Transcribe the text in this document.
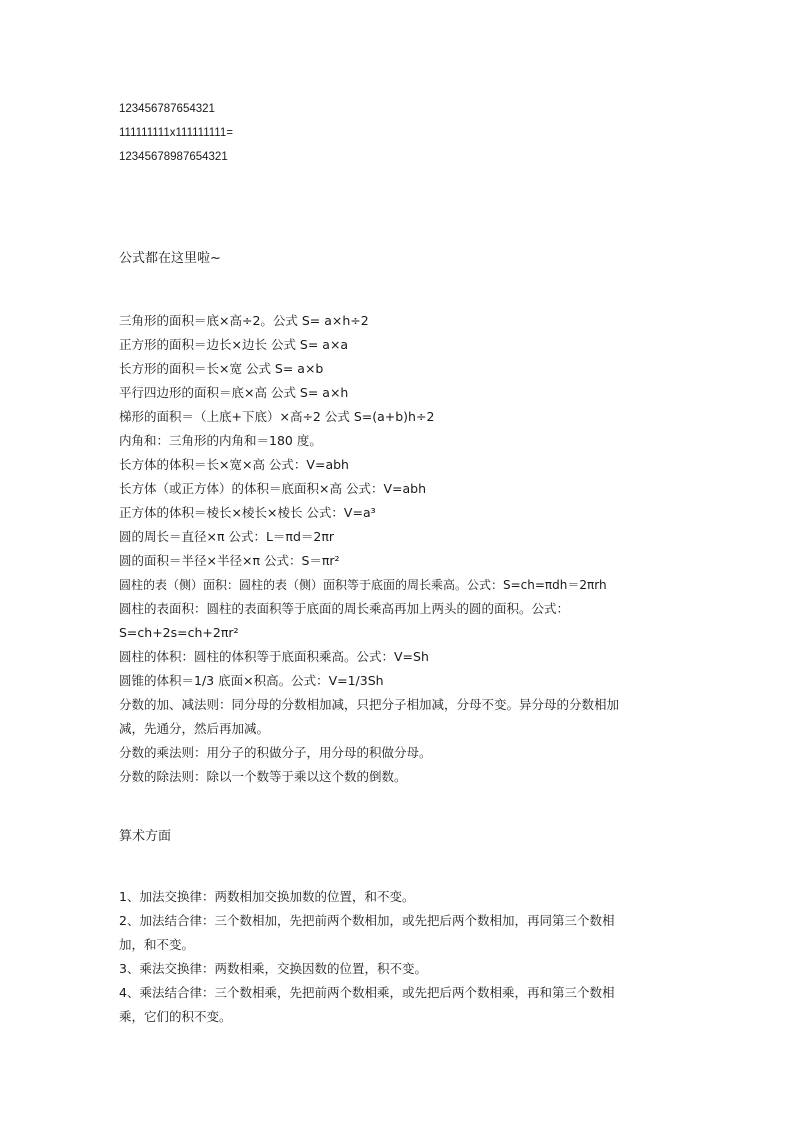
123456787654321
111111111x111111111=
12345678987654321
公式都在这里啦~
三角形的面积＝底×高÷2。公式 S= a×h÷2
正方形的面积＝边长×边长 公式 S= a×a
长方形的面积＝长×宽 公式 S= a×b
平行四边形的面积＝底×高 公式 S= a×h
梯形的面积＝（上底+下底）×高÷2 公式 S=(a+b)h÷2
内角和：三角形的内角和＝180 度。
长方体的体积＝长×宽×高 公式：V=abh
长方体（或正方体）的体积＝底面积×高 公式：V=abh
正方体的体积＝棱长×棱长×棱长 公式：V=a³
圆的周长＝直径×π 公式：L＝πd＝2πr
圆的面积＝半径×半径×π 公式：S＝πr²
圆柱的表（侧）面积：圆柱的表（侧）面积等于底面的周长乘高。公式：S=ch=πdh＝2πrh
圆柱的表面积：圆柱的表面积等于底面的周长乘高再加上两头的圆的面积。公式：
S=ch+2s=ch+2πr²
圆柱的体积：圆柱的体积等于底面积乘高。公式：V=Sh
圆锥的体积＝1/3 底面×积高。公式：V=1/3Sh
分数的加、减法则：同分母的分数相加减，只把分子相加减，分母不变。异分母的分数相加
减，先通分，然后再加减。
分数的乘法则：用分子的积做分子，用分母的积做分母。
分数的除法则：除以一个数等于乘以这个数的倒数。
算术方面
1、加法交换律：两数相加交换加数的位置，和不变。
2、加法结合律：三个数相加，先把前两个数相加，或先把后两个数相加，再同第三个数相
加，和不变。
3、乘法交换律：两数相乘，交换因数的位置，积不变。
4、乘法结合律：三个数相乘，先把前两个数相乘，或先把后两个数相乘，再和第三个数相
乘，它们的积不变。
